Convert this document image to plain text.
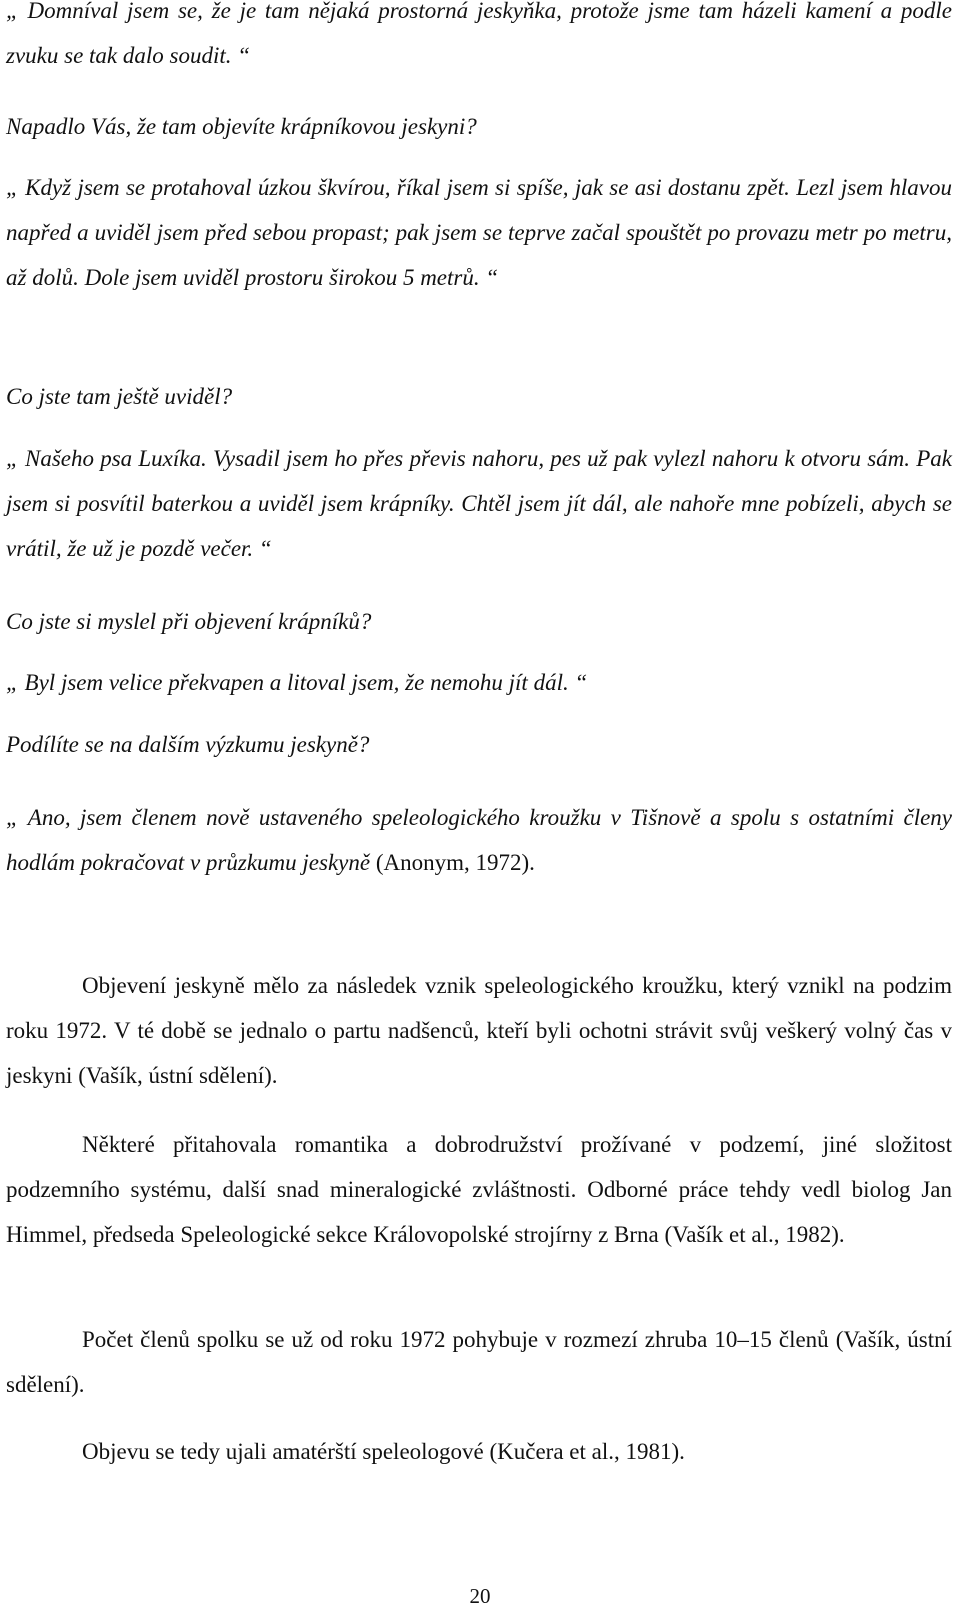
„ Domníval jsem se, že je tam nějaká prostorná jeskyňka, protože jsme tam házeli kamení a podle zvuku se tak dalo soudit. “
Napadlo Vás, že tam objevíte krápníkovou jeskyni?
„ Když jsem se protahoval úzkou škvírou, říkal jsem si spíše, jak se asi dostanu zpět. Lezl jsem hlavou napřed a uviděl jsem před sebou propast; pak jsem se teprve začal spouštět po provazu metr po metru, až dolů. Dole jsem uviděl prostoru širokou 5 metrů. “
Co jste tam ještě uviděl?
„ Našeho psa Luxíka. Vysadil jsem ho přes převis nahoru, pes už pak vylezl nahoru k otvoru sám. Pak jsem si posvítil baterkou a uviděl jsem krápníky. Chtěl jsem jít dál, ale nahoře mne pobízeli, abych se vrátil, že už je pozdě večer. “
Co jste si myslel při objevení krápníků?
„ Byl jsem velice překvapen a litoval jsem, že nemohu jít dál. “
Podílíte se na dalším výzkumu jeskyně?
„ Ano, jsem členem nově ustaveného speleologického kroužku v Tišnově a spolu s ostatními členy hodlám pokračovat v průzkumu jeskyně (Anonym, 1972).
Objevení jeskyně mělo za následek vznik speleologického kroužku, který vznikl na podzim roku 1972. V té době se jednalo o partu nadšenců, kteří byli ochotni strávit svůj veškerý volný čas v jeskyni (Vašík, ústní sdělení).
Některé přitahovala romantika a dobrodružství prožívané v podzemí, jiné složitost podzemního systému, další snad mineralogické zvláštnosti. Odborné práce tehdy vedl biolog Jan Himmel, předseda Speleologické sekce Královopolské strojírny z Brna (Vašík et al., 1982).
Počet členů spolku se už od roku 1972 pohybuje v rozmezí zhruba 10–15 členů (Vašík, ústní sdělení).
Objevu se tedy ujali amatérští speleologové (Kučera et al., 1981).
20
